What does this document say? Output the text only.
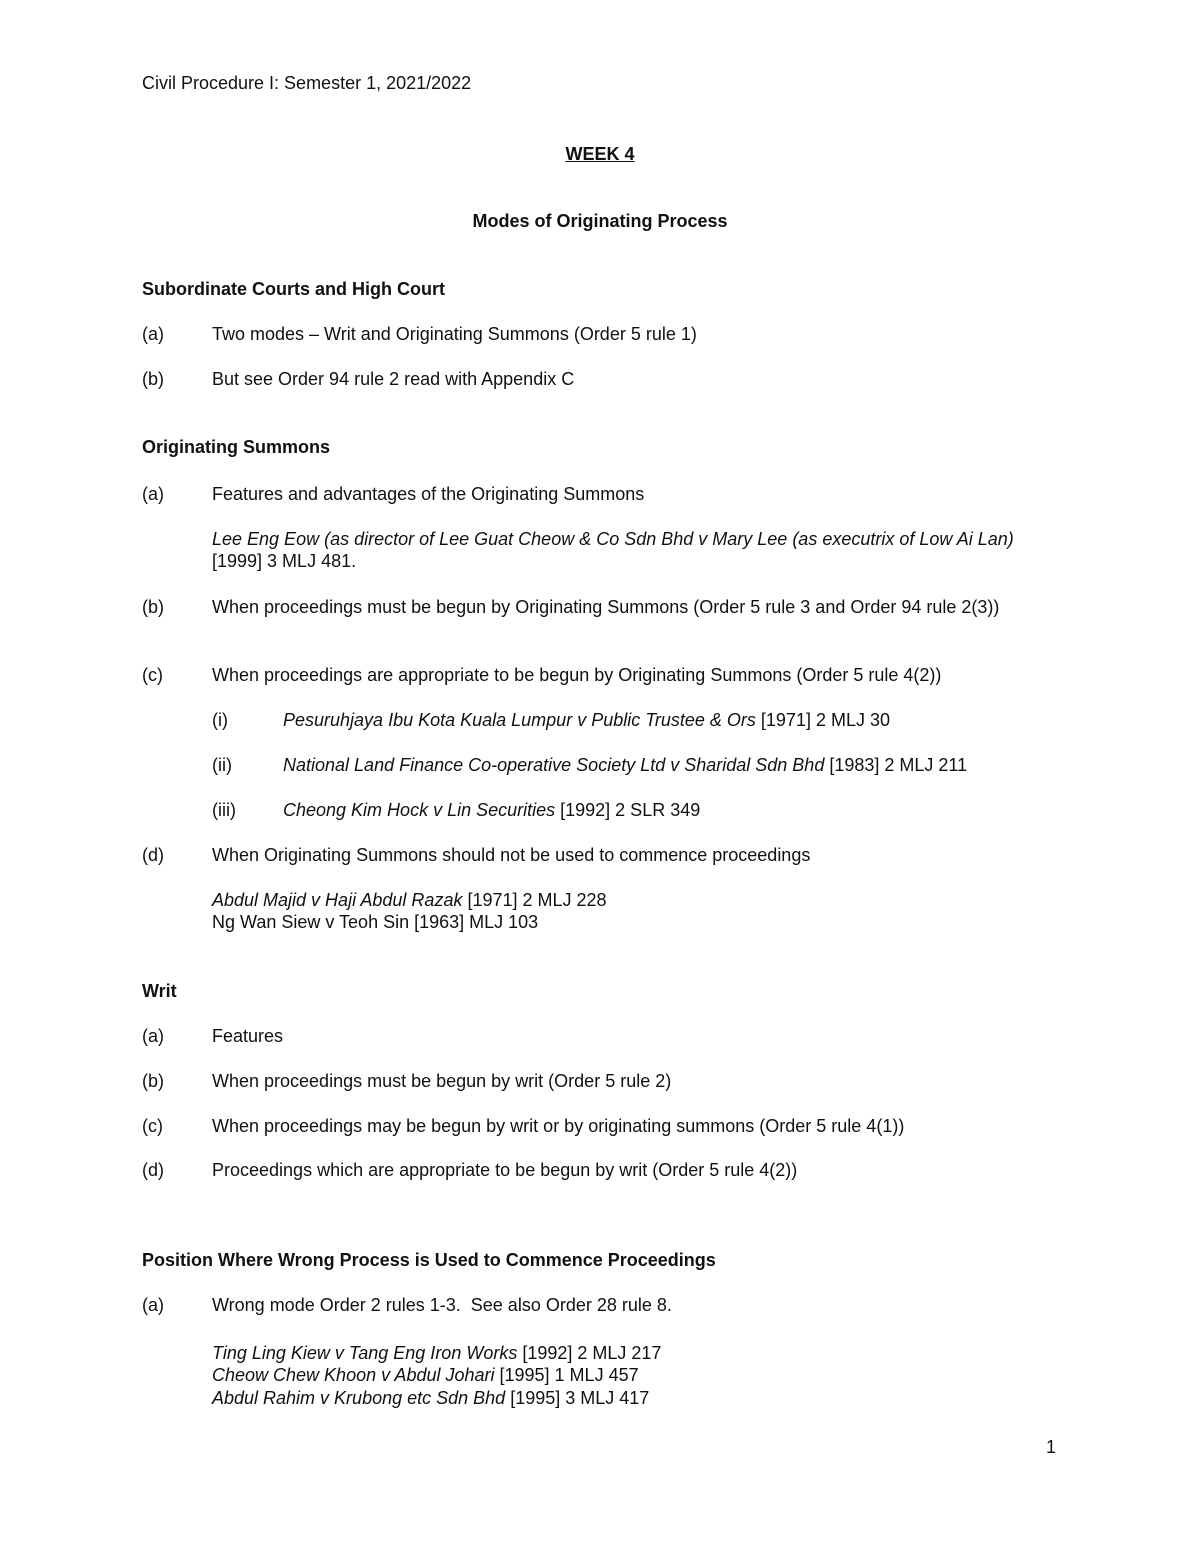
Civil Procedure I: Semester 1, 2021/2022
WEEK 4
Modes of Originating Process
Subordinate Courts and High Court
(a)	Two modes – Writ and Originating Summons (Order 5 rule 1)
(b)	But see Order 94 rule 2 read with Appendix C
Originating Summons
(a)	Features and advantages of the Originating Summons
Lee Eng Eow (as director of Lee Guat Cheow & Co Sdn Bhd v Mary Lee (as executrix of Low Ai Lan) [1999] 3 MLJ 481.
(b)	When proceedings must be begun by Originating Summons (Order 5 rule 3 and Order 94 rule 2(3))
(c)	When proceedings are appropriate to be begun by Originating Summons (Order 5 rule 4(2))
(i)	Pesuruhjaya Ibu Kota Kuala Lumpur v Public Trustee & Ors [1971] 2 MLJ 30
(ii)	National Land Finance Co-operative Society Ltd v Sharidal Sdn Bhd [1983] 2 MLJ 211
(iii)	Cheong Kim Hock v Lin Securities [1992] 2 SLR 349
(d)	When Originating Summons should not be used to commence proceedings
Abdul Majid v Haji Abdul Razak [1971] 2 MLJ 228
Ng Wan Siew v Teoh Sin [1963] MLJ 103
Writ
(a)	Features
(b)	When proceedings must be begun by writ (Order 5 rule 2)
(c)	When proceedings may be begun by writ or by originating summons (Order 5 rule 4(1))
(d)	Proceedings which are appropriate to be begun by writ (Order 5 rule 4(2))
Position Where Wrong Process is Used to Commence Proceedings
(a)	Wrong mode Order 2 rules 1-3.  See also Order 28 rule 8.
Ting Ling Kiew v Tang Eng Iron Works [1992] 2 MLJ 217
Cheow Chew Khoon v Abdul Johari [1995] 1 MLJ 457
Abdul Rahim v Krubong etc Sdn Bhd [1995] 3 MLJ 417
1
